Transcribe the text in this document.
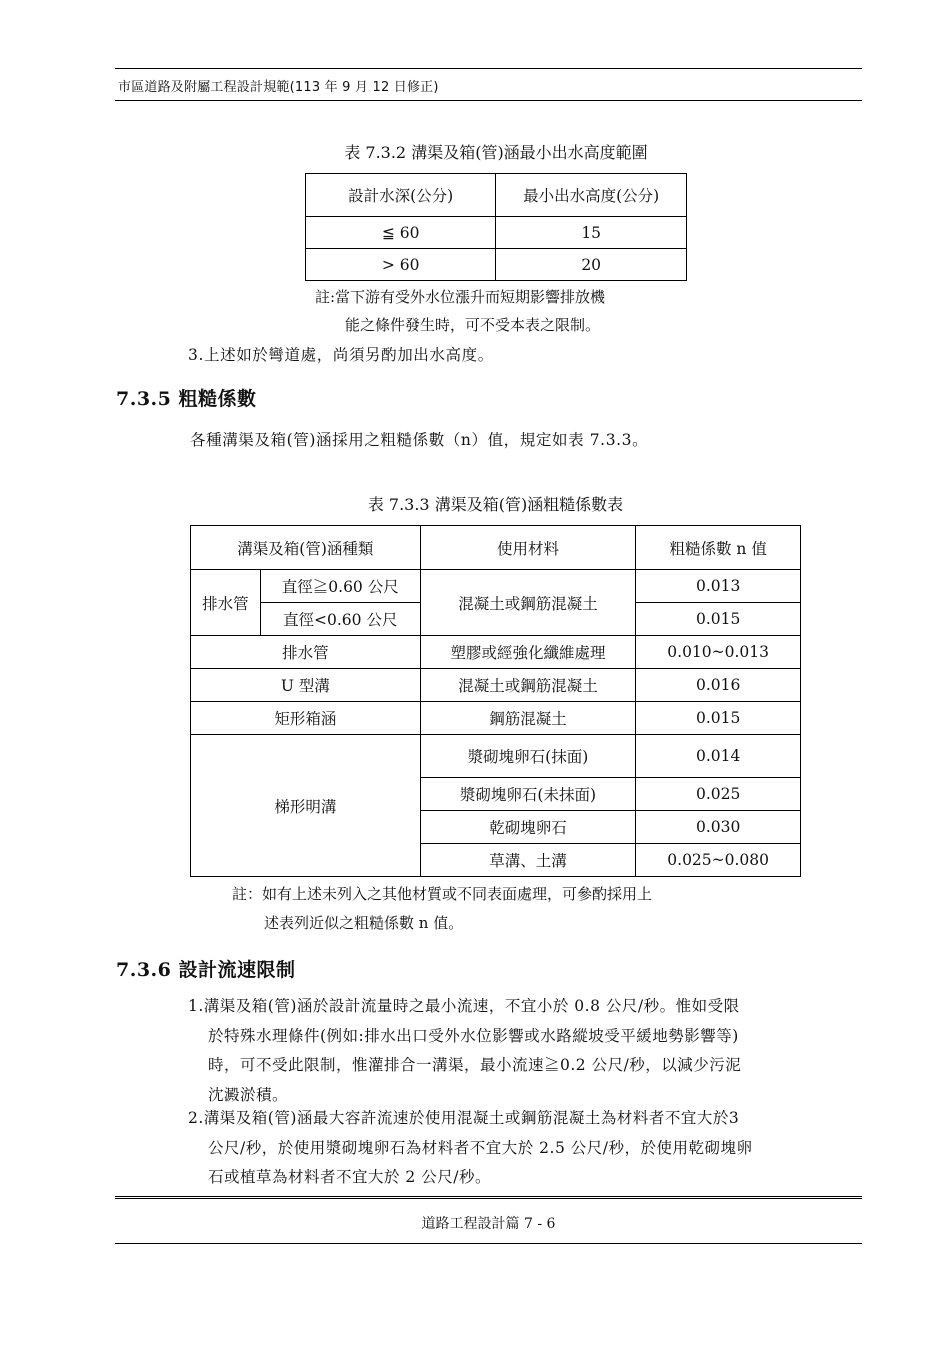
市區道路及附屬工程設計規範(113 年 9 月 12 日修正)
表 7.3.2 溝渠及箱(管)涵最小出水高度範圍
設計水深(公分)	最小出水高度(公分)
≦ 60	15
> 60	20
註:當下游有受外水位漲升而短期影響排放機
能之條件發生時，可不受本表之限制。
3.上述如於彎道處，尚須另酌加出水高度。
7.3.5 粗糙係數
各種溝渠及箱(管)涵採用之粗糙係數（n）值，規定如表 7.3.3。
表 7.3.3 溝渠及箱(管)涵粗糙係數表
溝渠及箱(管)涵種類		使用材料	粗糙係數 n 值
排水管	直徑≧0.60 公尺	混凝土或鋼筋混凝土	0.013
	直徑<0.60 公尺		0.015
排水管		塑膠或經強化纖維處理	0.010~0.013
U 型溝		混凝土或鋼筋混凝土	0.016
矩形箱涵		鋼筋混凝土	0.015
梯形明溝		漿砌塊卵石(抹面)	0.014
		漿砌塊卵石(未抹面)	0.025
		乾砌塊卵石	0.030
		草溝、土溝	0.025~0.080
註：如有上述未列入之其他材質或不同表面處理，可參酌採用上
述表列近似之粗糙係數 n 值。
7.3.6 設計流速限制
1.溝渠及箱(管)涵於設計流量時之最小流速，不宜小於 0.8 公尺/秒。惟如受限
於特殊水理條件(例如:排水出口受外水位影響或水路縱坡受平緩地勢影響等)
時，可不受此限制，惟灌排合一溝渠，最小流速≧0.2 公尺/秒，以減少污泥
沈澱淤積。
2.溝渠及箱(管)涵最大容許流速於使用混凝土或鋼筋混凝土為材料者不宜大於3
公尺/秒，於使用漿砌塊卵石為材料者不宜大於 2.5 公尺/秒，於使用乾砌塊卵
石或植草為材料者不宜大於 2 公尺/秒。
道路工程設計篇 7 - 6
